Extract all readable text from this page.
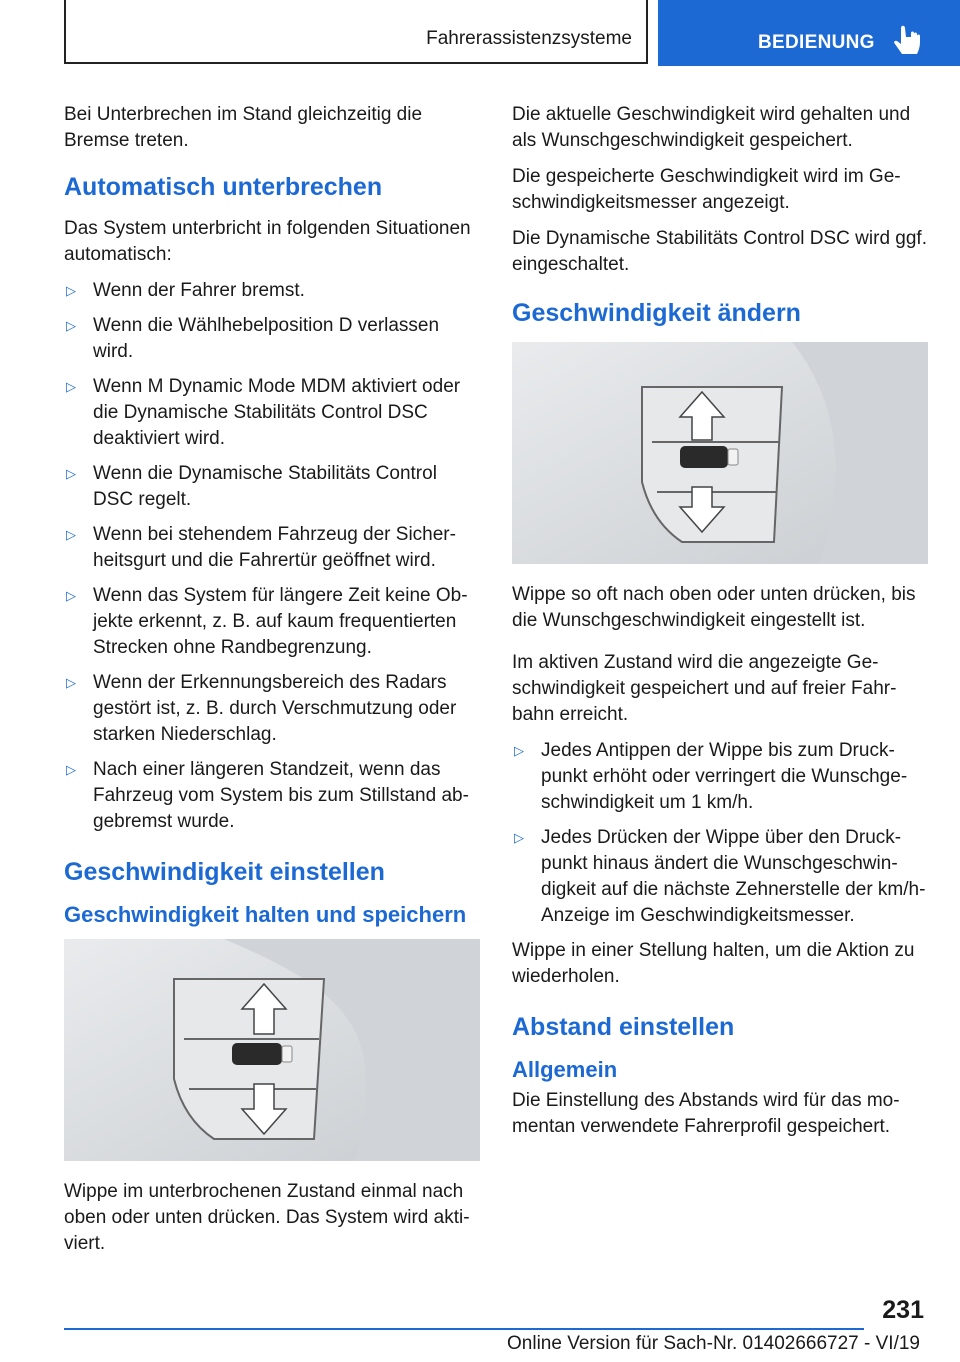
Fahrerassistenzsysteme	BEDIENUNG

Bei Unterbrechen im Stand gleichzeitig die Bremse treten.

Automatisch unterbrechen

Das System unterbricht in folgenden Situationen automatisch:

▷ Wenn der Fahrer bremst.
▷ Wenn die Wählhebelposition D verlassen wird.
▷ Wenn M Dynamic Mode MDM aktiviert oder die Dynamische Stabilitäts Control DSC deaktiviert wird.
▷ Wenn die Dynamische Stabilitäts Control DSC regelt.
▷ Wenn bei stehendem Fahrzeug der Sicherheitsgurt und die Fahrertür geöffnet wird.
▷ Wenn das System für längere Zeit keine Objekte erkennt, z. B. auf kaum frequentierten Strecken ohne Randbegrenzung.
▷ Wenn der Erkennungsbereich des Radars gestört ist, z. B. durch Verschmutzung oder starken Niederschlag.
▷ Nach einer längeren Standzeit, wenn das Fahrzeug vom System bis zum Stillstand abgebremst wurde.
Geschwindigkeit einstellen
Geschwindigkeit halten und speichern

Wippe im unterbrochenen Zustand einmal nach oben oder unten drücken. Das System wird aktiviert.

Die aktuelle Geschwindigkeit wird gehalten und als Wunschgeschwindigkeit gespeichert.

Die gespeicherte Geschwindigkeit wird im Geschwindigkeitsmesser angezeigt.

Die Dynamische Stabilitäts Control DSC wird ggf. eingeschaltet.

Geschwindigkeit ändern

Wippe so oft nach oben oder unten drücken, bis die Wunschgeschwindigkeit eingestellt ist.

Im aktiven Zustand wird die angezeigte Geschwindigkeit gespeichert und auf freier Fahrbahn erreicht.

▷ Jedes Antippen der Wippe bis zum Druckpunkt erhöht oder verringert die Wunschgeschwindigkeit um 1 km/h.
▷ Jedes Drücken der Wippe über den Druckpunkt hinaus ändert die Wunschgeschwindigkeit auf die nächste Zehnerstelle der km/h-Anzeige im Geschwindigkeitsmesser.

Wippe in einer Stellung halten, um die Aktion zu wiederholen.

Abstand einstellen
Allgemein

Die Einstellung des Abstands wird für das momentan verwendete Fahrerprofil gespeichert.

231
Online Version für Sach-Nr. 01402666727 - VI/19
